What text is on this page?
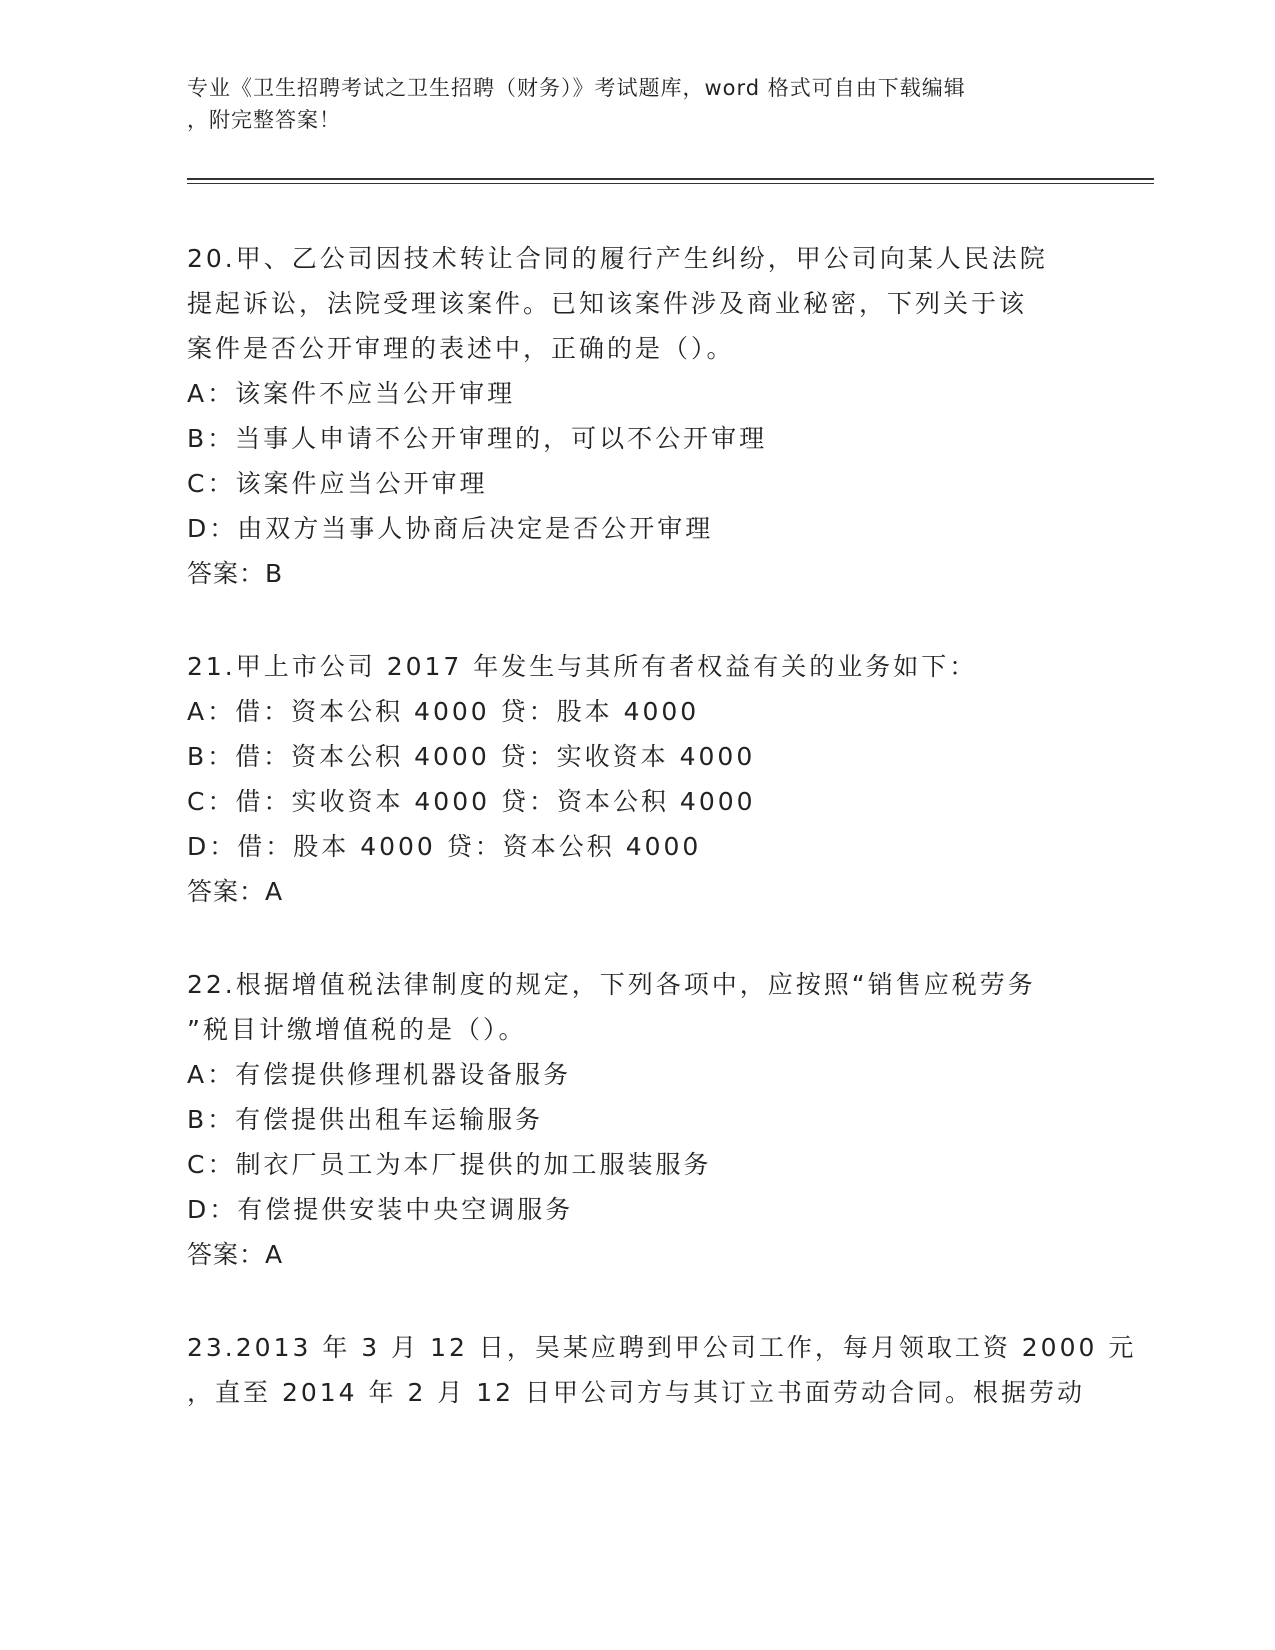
专业《卫生招聘考试之卫生招聘（财务）》考试题库，word 格式可自由下载编辑
，附完整答案！
20.甲、乙公司因技术转让合同的履行产生纠纷，甲公司向某人民法院
提起诉讼，法院受理该案件。已知该案件涉及商业秘密，下列关于该
案件是否公开审理的表述中，正确的是（）。
A：该案件不应当公开审理
B：当事人申请不公开审理的，可以不公开审理
C：该案件应当公开审理
D：由双方当事人协商后决定是否公开审理
答案：B
21.甲上市公司 2017 年发生与其所有者权益有关的业务如下：
A：借：资本公积 4000 贷：股本 4000
B：借：资本公积 4000 贷：实收资本 4000
C：借：实收资本 4000 贷：资本公积 4000
D：借：股本 4000 贷：资本公积 4000
答案：A
22.根据增值税法律制度的规定，下列各项中，应按照“销售应税劳务
”税目计缴增值税的是（）。
A：有偿提供修理机器设备服务
B：有偿提供出租车运输服务
C：制衣厂员工为本厂提供的加工服装服务
D：有偿提供安装中央空调服务
答案：A
23.2013 年 3 月 12 日，吴某应聘到甲公司工作，每月领取工资 2000 元
，直至 2014 年 2 月 12 日甲公司方与其订立书面劳动合同。根据劳动
